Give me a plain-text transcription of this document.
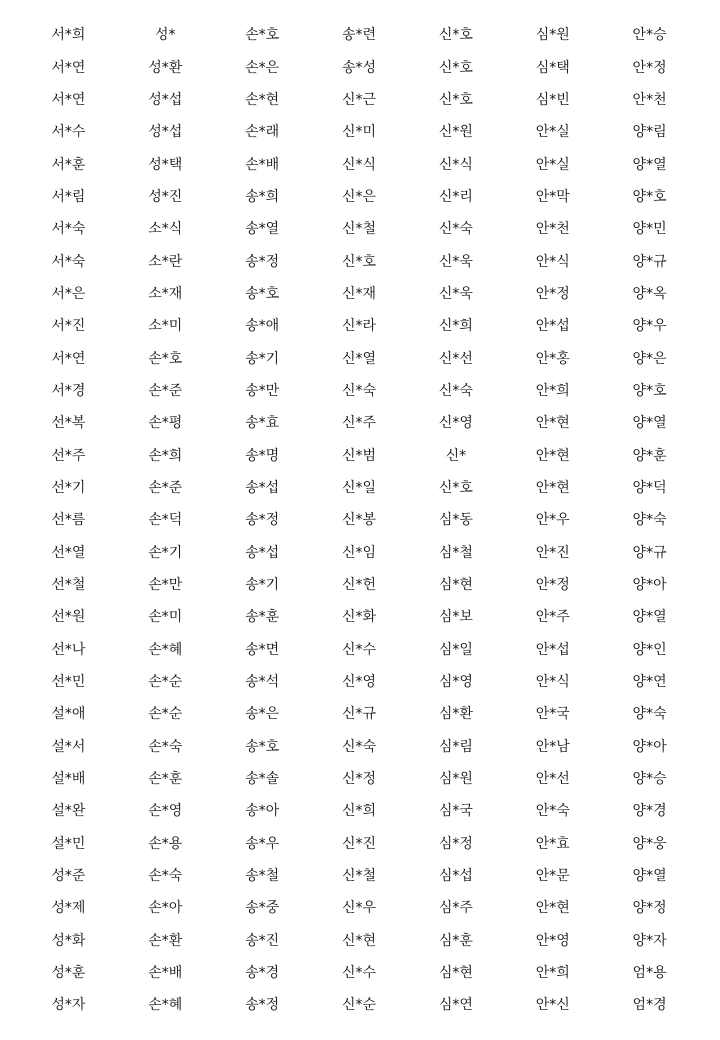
서*희	성*	손*호	송*련	신*호	심*원	안*승
서*연	성*환	손*은	송*성	신*호	심*택	안*정
서*연	성*섭	손*현	신*근	신*호	심*빈	안*천
서*수	성*섭	손*래	신*미	신*원	안*실	양*림
서*훈	성*택	손*배	신*식	신*식	안*실	양*열
서*림	성*진	송*희	신*은	신*리	안*막	양*호
서*숙	소*식	송*열	신*철	신*숙	안*천	양*민
서*숙	소*란	송*정	신*호	신*욱	안*식	양*규
서*은	소*재	송*호	신*재	신*욱	안*정	양*옥
서*진	소*미	송*애	신*라	신*희	안*섭	양*우
서*연	손*호	송*기	신*열	신*선	안*홍	양*은
서*경	손*준	송*만	신*숙	신*숙	안*희	양*호
선*복	손*평	송*효	신*주	신*영	안*현	양*열
선*주	손*희	송*명	신*범	신*	안*현	양*훈
선*기	손*준	송*섭	신*일	신*호	안*현	양*덕
선*름	손*덕	송*정	신*봉	심*동	안*우	양*숙
선*열	손*기	송*섭	신*임	심*철	안*진	양*규
선*철	손*만	송*기	신*헌	심*현	안*정	양*아
선*원	손*미	송*훈	신*화	심*보	안*주	양*열
선*나	손*혜	송*면	신*수	심*일	안*섭	양*인
선*민	손*순	송*석	신*영	심*영	안*식	양*연
설*애	손*순	송*은	신*규	심*환	안*국	양*숙
설*서	손*숙	송*호	신*숙	심*림	안*남	양*아
설*배	손*훈	송*솔	신*정	심*원	안*선	양*승
설*완	손*영	송*아	신*희	심*국	안*숙	양*경
설*민	손*용	송*우	신*진	심*정	안*효	양*웅
성*준	손*숙	송*철	신*철	심*섭	안*문	양*열
성*제	손*아	송*중	신*우	심*주	안*현	양*정
성*화	손*환	송*진	신*현	심*훈	안*영	양*자
성*훈	손*배	송*경	신*수	심*현	안*희	엄*용
성*자	손*혜	송*정	신*순	심*연	안*신	엄*경
